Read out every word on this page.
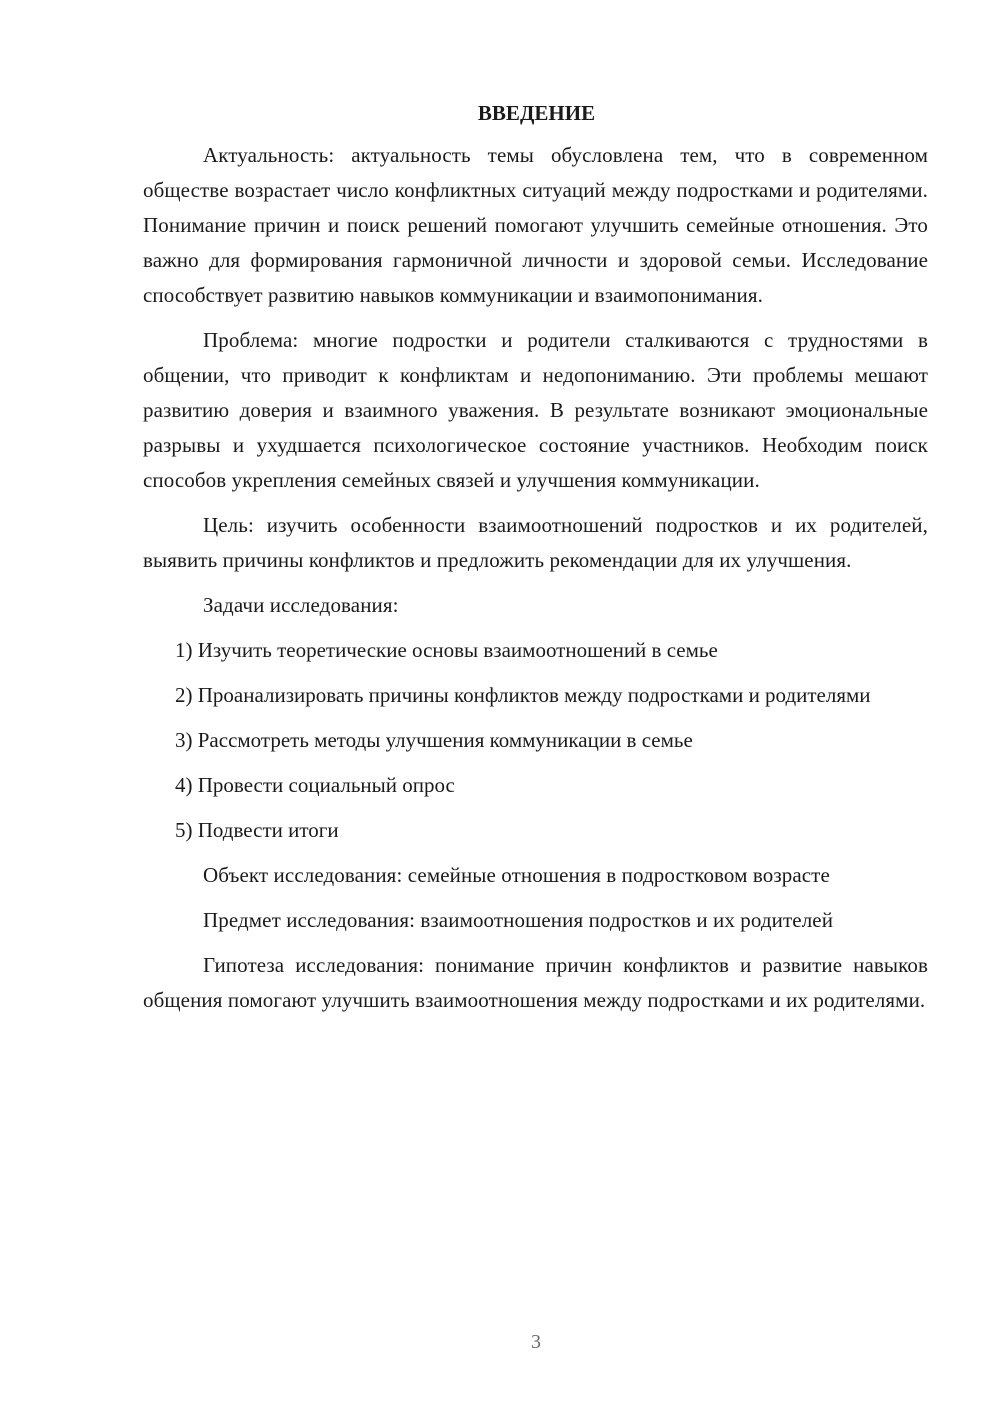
ВВЕДЕНИЕ

Актуальность: актуальность темы обусловлена тем, что в современном обществе возрастает число конфликтных ситуаций между подростками и родителями. Понимание причин и поиск решений помогают улучшить семейные отношения. Это важно для формирования гармоничной личности и здоровой семьи. Исследование способствует развитию навыков коммуникации и взаимопонимания.

Проблема: многие подростки и родители сталкиваются с трудностями в общении, что приводит к конфликтам и недопониманию. Эти проблемы мешают развитию доверия и взаимного уважения. В результате возникают эмоциональные разрывы и ухудшается психологическое состояние участников. Необходим поиск способов укрепления семейных связей и улучшения коммуникации.

Цель: изучить особенности взаимоотношений подростков и их родителей, выявить причины конфликтов и предложить рекомендации для их улучшения.

Задачи исследования:

1) Изучить теоретические основы взаимоотношений в семье

2) Проанализировать причины конфликтов между подростками и родителями

3) Рассмотреть методы улучшения коммуникации в семье

4) Провести социальный опрос

5) Подвести итоги

Объект исследования: семейные отношения в подростковом возрасте

Предмет исследования: взаимоотношения подростков и их родителей

Гипотеза исследования: понимание причин конфликтов и развитие навыков общения помогают улучшить взаимоотношения между подростками и их родителями.

3
